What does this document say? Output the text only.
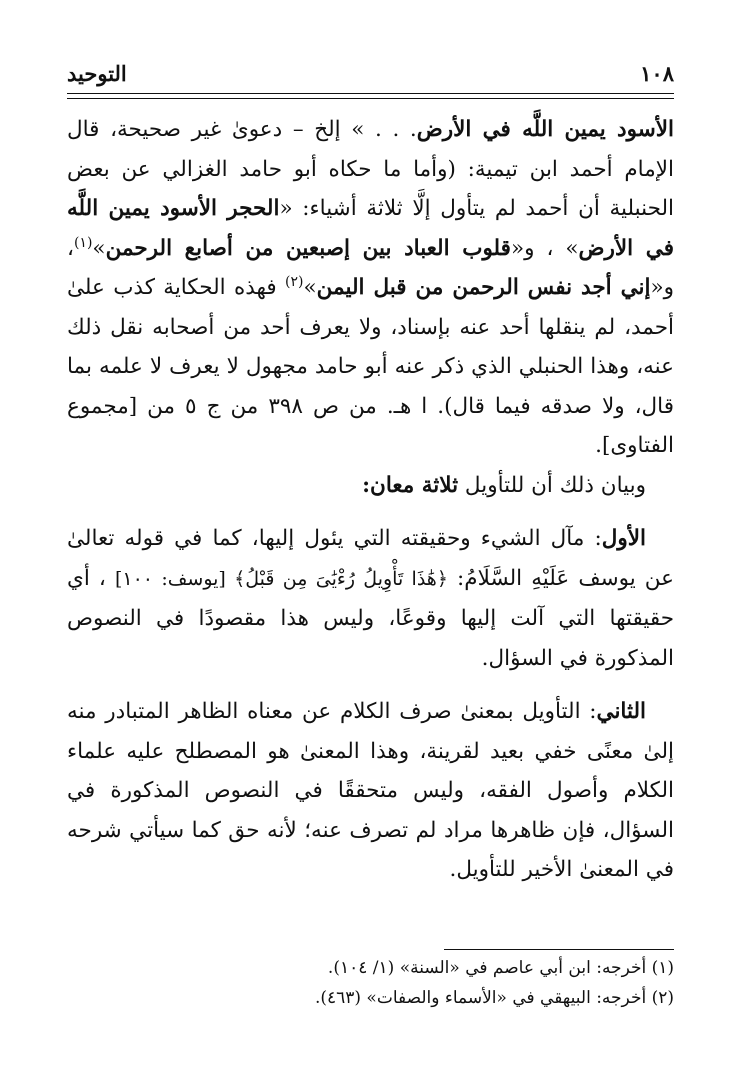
١٠٨
التوحيد

الأسود يمين اللَّه في الأرض. . . » إلخ – دعوىٰ غير صحيحة، قال الإمام أحمد ابن تيمية: (وأما ما حكاه أبو حامد الغزالي عن بعض الحنبلية أن أحمد لم يتأول إلَّا ثلاثة أشياء: «الحجر الأسود يمين اللَّه في الأرض» ، و«قلوب العباد بين إصبعين من أصابع الرحمن»$^{(١)}$، و«إني أجد نفس الرحمن من قبل اليمن»$^{(٢)}$ فهذه الحكاية كذب علىٰ أحمد، لم ينقلها أحد عنه بإسناد، ولا يعرف أحد من أصحابه نقل ذلك عنه، وهذا الحنبلي الذي ذكر عنه أبو حامد مجهول لا يعرف لا علمه بما قال، ولا صدقه فيما قال). ا هـ. من ص ٣٩٨ من ج ٥ من [مجموع الفتاوى].

وبيان ذلك أن للتأويل ثلاثة معان:

الأول: مآل الشيء وحقيقته التي يئول إليها، كما في قوله تعالىٰ عن يوسف عَلَيْهِ السَّلَامُ: ﴿هَٰذَا تَأْوِيلُ رُءْيَٰىَ مِن قَبْلُ﴾ [يوسف: ١٠٠] ، أي حقيقتها التي آلت إليها وقوعًا، وليس هذا مقصودًا في النصوص المذكورة في السؤال.

الثاني: التأويل بمعنىٰ صرف الكلام عن معناه الظاهر المتبادر منه إلىٰ معنًى خفي بعيد لقرينة، وهذا المعنىٰ هو المصطلح عليه علماء الكلام وأصول الفقه، وليس متحققًا في النصوص المذكورة في السؤال، فإن ظاهرها مراد لم تصرف عنه؛ لأنه حق كما سيأتي شرحه في المعنىٰ الأخير للتأويل.

(١) أخرجه: ابن أبي عاصم في «السنة» (١/ ١٠٤).
(٢) أخرجه: البيهقي في «الأسماء والصفات» (٤٦٣).
